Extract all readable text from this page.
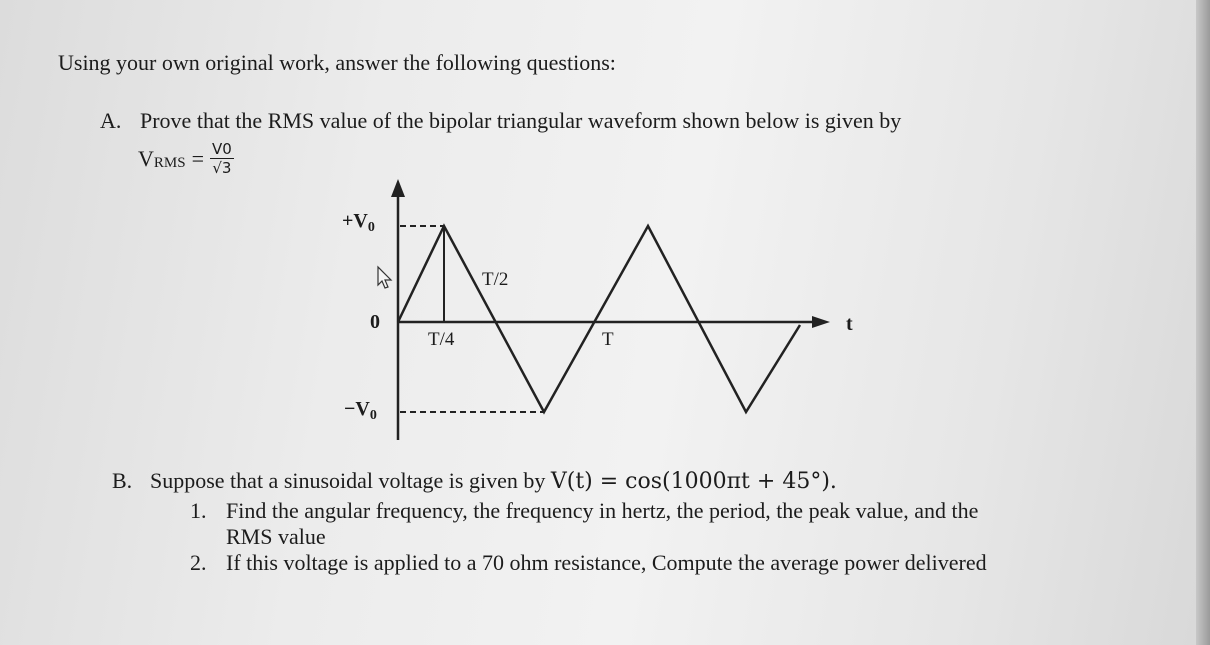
Using your own original work, answer the following questions:
A. Prove that the RMS value of the bipolar triangular waveform shown below is given by
V RMS = $\frac{V0}{√3}$
$+V_0$
0
$-V_0$
t
T/4
T/2
T
B. Suppose that a sinusoidal voltage is given by V(t) = cos(1000πt + 45°).
1. Find the angular frequency, the frequency in hertz, the period, the peak value, and the
RMS value
2. If this voltage is applied to a 70 ohm resistance, Compute the average power delivered
